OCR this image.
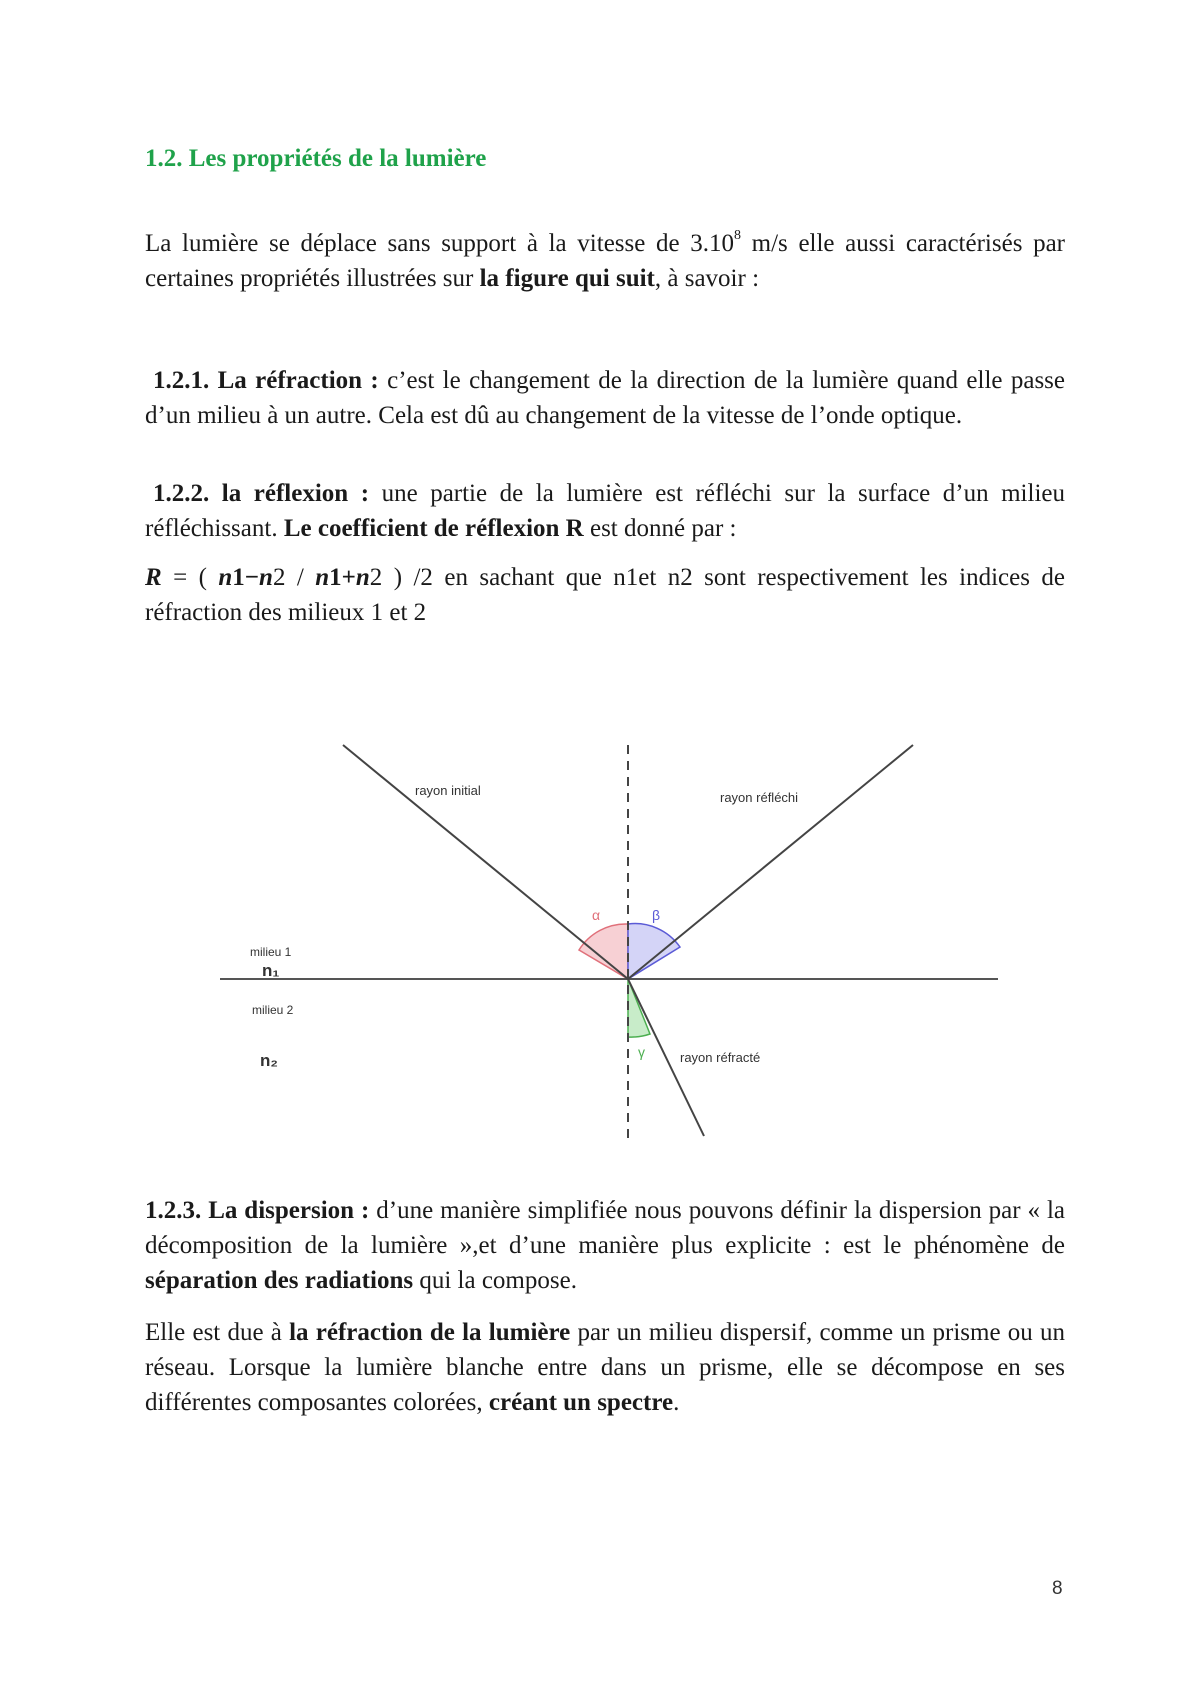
1.2. Les propriétés de la lumière

La lumière se déplace sans support à la vitesse de 3.10$^8$ m/s elle aussi caractérisés par certaines propriétés illustrées sur la figure qui suit, à savoir :

1.2.1. La réfraction : c’est le changement de la direction de la lumière quand elle passe d’un milieu à un autre. Cela est dû au changement de la vitesse de l’onde optique.

1.2.2. la réflexion : une partie de la lumière est réfléchi sur la surface d’un milieu réfléchissant. Le coefficient de réflexion R est donné par :

R = ( n1−n2 / n1+n2 ) /2 en sachant que n1et n2 sont respectivement les indices de réfraction des milieux 1 et 2

rayon initial	rayon réfléchi
rayon réfracté
milieu 1
n₁
milieu 2
n₂
α	β
γ

1.2.3. La dispersion : d’une manière simplifiée nous pouvons définir la dispersion par « la décomposition de la lumière »,et d’une manière plus explicite : est le phénomène de séparation des radiations qui la compose.

Elle est due à la réfraction de la lumière par un milieu dispersif, comme un prisme ou un réseau. Lorsque la lumière blanche entre dans un prisme, elle se décompose en ses différentes composantes colorées, créant un spectre.

8
